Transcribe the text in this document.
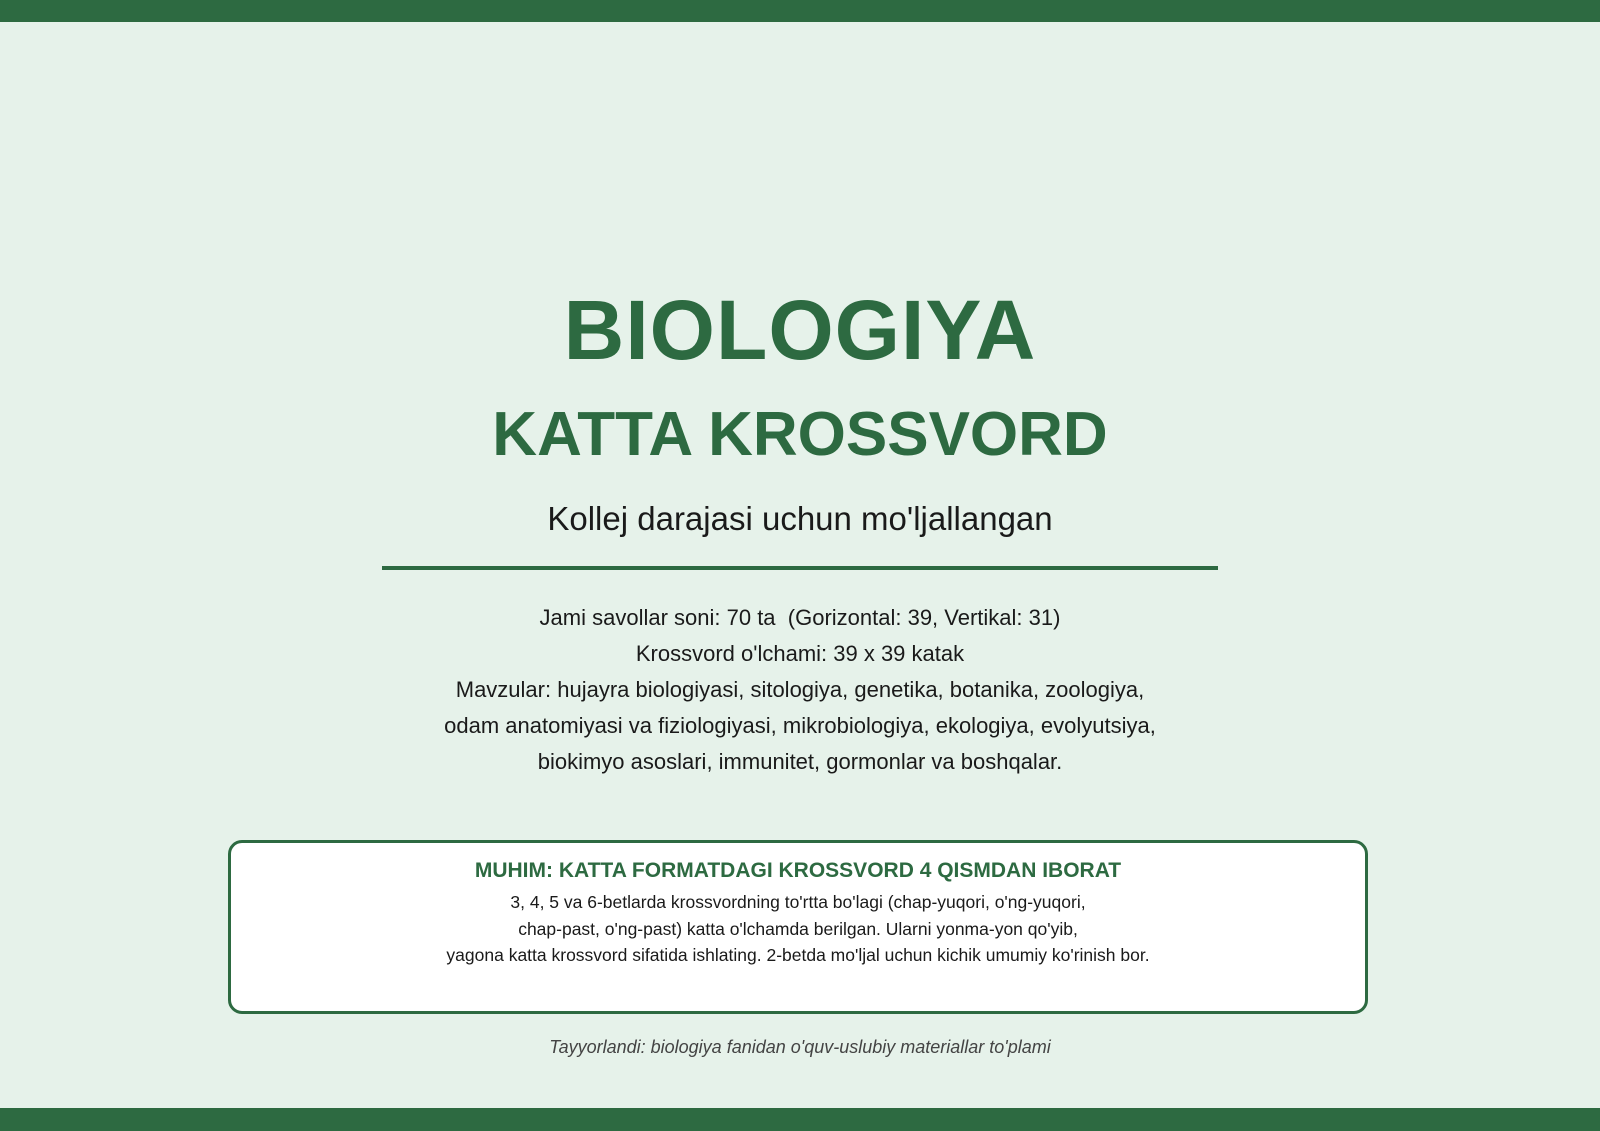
BIOLOGIYA
KATTA KROSSVORD
Kollej darajasi uchun mo'ljallangan
Jami savollar soni: 70 ta  (Gorizontal: 39, Vertikal: 31)
Krossvord o'lchami: 39 x 39 katak
Mavzular: hujayra biologiyasi, sitologiya, genetika, botanika, zoologiya,
odam anatomiyasi va fiziologiyasi, mikrobiologiya, ekologiya, evolyutsiya,
biokimyo asoslari, immunitet, gormonlar va boshqalar.
MUHIM: KATTA FORMATDAGI KROSSVORD 4 QISMDAN IBORAT
3, 4, 5 va 6-betlarda krossvordning to'rtta bo'lagi (chap-yuqori, o'ng-yuqori,
chap-past, o'ng-past) katta o'lchamda berilgan. Ularni yonma-yon qo'yib,
yagona katta krossvord sifatida ishlating. 2-betda mo'ljal uchun kichik umumiy ko'rinish bor.
Tayyorlandi: biologiya fanidan o'quv-uslubiy materiallar to'plami
